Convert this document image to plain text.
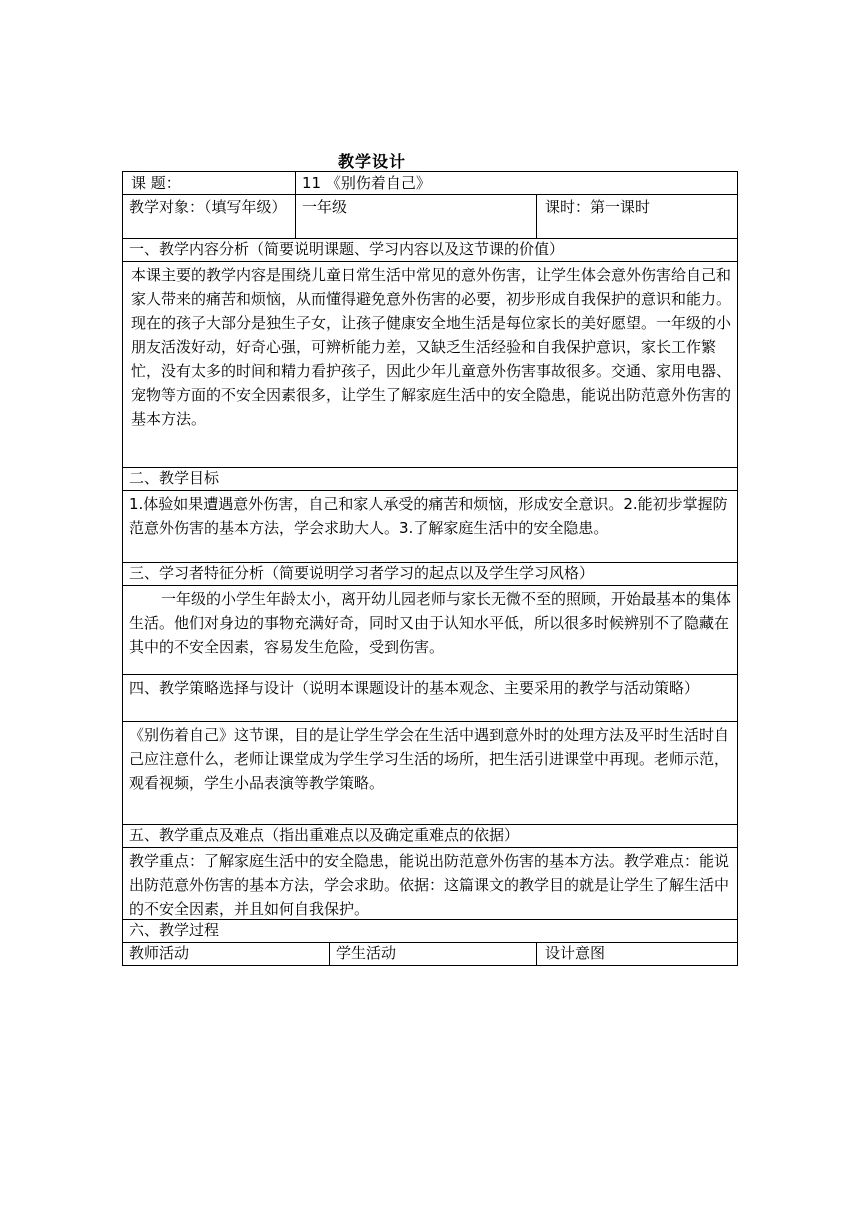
教学设计
课 题：	11 《别伤着自己》
教学对象：（填写年级）	一年级	课时：第一课时
一、教学内容分析（简要说明课题、学习内容以及这节课的价值）
本课主要的教学内容是围绕儿童日常生活中常见的意外伤害，让学生体会意外伤害给自己和家人带来的痛苦和烦恼，从而懂得避免意外伤害的必要，初步形成自我保护的意识和能力。
现在的孩子大部分是独生子女，让孩子健康安全地生活是每位家长的美好愿望。一年级的小朋友活泼好动，好奇心强，可辨析能力差，又缺乏生活经验和自我保护意识，家长工作繁忙，没有太多的时间和精力看护孩子，因此少年儿童意外伤害事故很多。交通、家用电器、宠物等方面的不安全因素很多，让学生了解家庭生活中的安全隐患，能说出防范意外伤害的基本方法。
二、教学目标
1.体验如果遭遇意外伤害，自己和家人承受的痛苦和烦恼，形成安全意识。2.能初步掌握防范意外伤害的基本方法，学会求助大人。3.了解家庭生活中的安全隐患。
三、学习者特征分析（简要说明学习者学习的起点以及学生学习风格）
一年级的小学生年龄太小，离开幼儿园老师与家长无微不至的照顾，开始最基本的集体生活。他们对身边的事物充满好奇，同时又由于认知水平低，所以很多时候辨别不了隐藏在其中的不安全因素，容易发生危险，受到伤害。
四、教学策略选择与设计（说明本课题设计的基本观念、主要采用的教学与活动策略）
《别伤着自己》这节课，目的是让学生学会在生活中遇到意外时的处理方法及平时生活时自己应注意什么，老师让课堂成为学生学习生活的场所，把生活引进课堂中再现。老师示范，观看视频，学生小品表演等教学策略。
五、教学重点及难点（指出重难点以及确定重难点的依据）
教学重点：了解家庭生活中的安全隐患，能说出防范意外伤害的基本方法。教学难点：能说出防范意外伤害的基本方法，学会求助。依据：这篇课文的教学目的就是让学生了解生活中的不安全因素，并且如何自我保护。
六、教学过程
教师活动	学生活动	设计意图
